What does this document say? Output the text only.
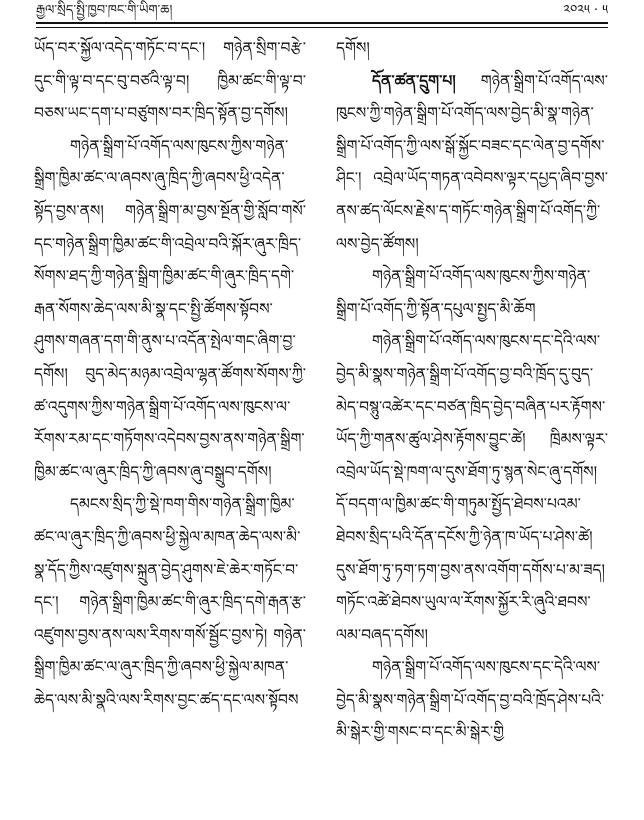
རྒྱལ་སྲིད་སྤྱི་ཁྱབ་ཁང་གི་ཡིག་ཆ།	༢༠༢༥ · ༥

ཡོད་བར་སྐྱོལ་འདེད་གཏོང་བ་དང་། གཉེན་སྲིག་བརྩེ་དུང་གི་ལྟ་བ་དང་བུ་བཙའི་ལྟ་བ། ཁྱིམ་ཚང་གི་ལྟ་བ་བཅས་ཡང་དག་པ་བཙུགས་བར་ཁྲིད་སྟོན་བྱ་དགོས།

གཉེན་སྒྲིག་པོ་འགོད་ལས་ཁུངས་ཀྱིས་གཉེན་སྒྲིག་ཁྱིམ་ཚང་ལ་ཞབས་ཞུ་ཁྲིད་ཀྱི་ཞབས་ཕྱི་འདེན་སྟོད་བྱས་ནས། གཉེན་སྒྲིག་མ་བྱས་སྔོན་གྱི་སློབ་གསོ་དང་གཉེན་སྒྲིག་ཁྱིམ་ཚང་གི་འབྲེལ་བའི་སྐོར་ཞུར་ཁྲིད་སོགས་ཐད་ཀྱི་གཉེན་སྒྲིག་ཁྱིམ་ཚང་གི་ཞུར་ཁྲིད་དགེ་རྒན་སོགས་ཆེད་ལས་མི་སྣ་དང་སྤྱི་ཚོགས་སྟོབས་ཤུགས་གཞན་དག་གི་ནུས་པ་འདོན་སྤེལ་གང་ཞིག་བྱ་དགོས། བུད་མེད་མཉམ་འབྲེལ་ལྷན་ཚོགས་སོགས་ཀྱི་ཚ་འདུགས་ཀྱིས་གཉེན་སྒྲིག་པོ་འགོད་ལས་ཁུངས་ལ་རོགས་རམ་དང་གཏོགས་འདེབས་བྱས་ནས་གཉེན་སྒྲིག་ཁྱིམ་ཚང་ལ་ཞུར་ཁྲིད་ཀྱི་ཞབས་ཞུ་བསྒྲུབ་དགོས།

དམངས་སྲིད་ཀྱི་སྡེ་ཁག་གིས་གཉེན་སྒྲིག་ཁྱིམ་ཚང་ལ་ཞུར་ཁྲིད་ཀྱི་ཞབས་ཕྱི་སྐྱེལ་མཁན་ཆེད་ལས་མི་སྣ་དོད་ཀྱིས་འཛུགས་སྐྲུན་བྱེད་ཤུགས་ཇེ་ཆེར་གཏོང་བ་དང་། གཉེན་སྒྲིག་ཁྱིམ་ཚང་གི་ཞུར་ཁྲིད་དགེ་རྒན་རྩ་འཛུགས་བྱས་ནས་ལས་རིགས་གསོ་སྦྱོང་བྱས་ཏེ། གཉེན་སྒྲིག་ཁྱིམ་ཚང་ལ་ཞུར་ཁྲིད་ཀྱི་ཞབས་ཕྱི་སྐྱེལ་མཁན་ཆེད་ལས་མི་སྣའི་ལས་རིགས་བྱང་ཚད་དང་ལས་སྟོབས

དགོས།

དོན་ཚན་དྲུག་པ། གཉེན་སྒྲིག་པོ་འགོད་ལས་ཁུངས་ཀྱི་གཉེན་སྒྲིག་པོ་འགོད་ལས་བྱེད་མི་སྣ་གཉེན་སྒྲིག་པོ་འགོད་ཀྱི་ལས་སྒོ་སྐྱོང་བཟང་དང་ལེན་བྱ་དགོས་ཤིང་། འབྲེལ་ཡོད་གཏན་འབེབས་ལྟར་དཔྱད་ཞིབ་བྱས་ནས་ཚད་ལོངས་རྗེས་ད་གཏོང་གཉེན་སྒྲིག་པོ་འགོད་ཀྱི་ལས་བྱེད་ཚོགས།

གཉེན་སྒྲིག་པོ་འགོད་ལས་ཁུངས་ཀྱིས་གཉེན་སྒྲིག་པོ་འགོད་ཀྱི་སྟོན་དཔུལ་སྤྱད་མི་ཆོག

གཉེན་སྒྲིག་པོ་འགོད་ལས་ཁུངས་དང་དེའི་ལས་བྱེད་མི་སྣས་གཉེན་སྒྲིག་པོ་འགོད་བྱ་བའི་ཁྲོད་དུ་བུད་མེད་བསྙུ་འཚེར་དང་བཙན་ཁྲིད་བྱེད་བཞིན་པར་རྟོགས་ཡོད་ཀྱི་གནས་ཚུལ་ཤེས་རྟོགས་བྱུང་ཚེ། ཁྲིམས་ལྟར་འབྲེལ་ཡོད་སྡེ་ཁག་ལ་དུས་ཐོག་ཏུ་སྙན་སེང་ཞུ་དགོས། དོ་བདག་ལ་ཁྱིམ་ཚང་གི་གཏུམ་སྤྱོད་ཐེབས་པའམ་ཐེབས་སྲིད་པའི་དོན་དངོས་ཀྱི་ཉེན་ཁ་ཡོད་པ་ཤེས་ཚེ། དུས་ཐོག་ཏུ་ཏག་ཏག་བྱས་ནས་འགོག་དགོས་པ་མ་ཟད། གཏོང་འཚེ་ཐེབས་ཡུལ་ལ་རོགས་སྐྱོར་རི་ཞུའི་ཐབས་ལམ་བཞད་དགོས།

གཉེན་སྒྲིག་པོ་འགོད་ལས་ཁུངས་དང་དེའི་ལས་བྱེད་མི་སྣས་གཉེན་སྒྲིག་པོ་འགོད་བྱ་བའི་ཁྲོད་ཤེས་པའི་མི་སྒེར་གྱི་གསང་བ་དང་མི་སྒེར་གྱི
